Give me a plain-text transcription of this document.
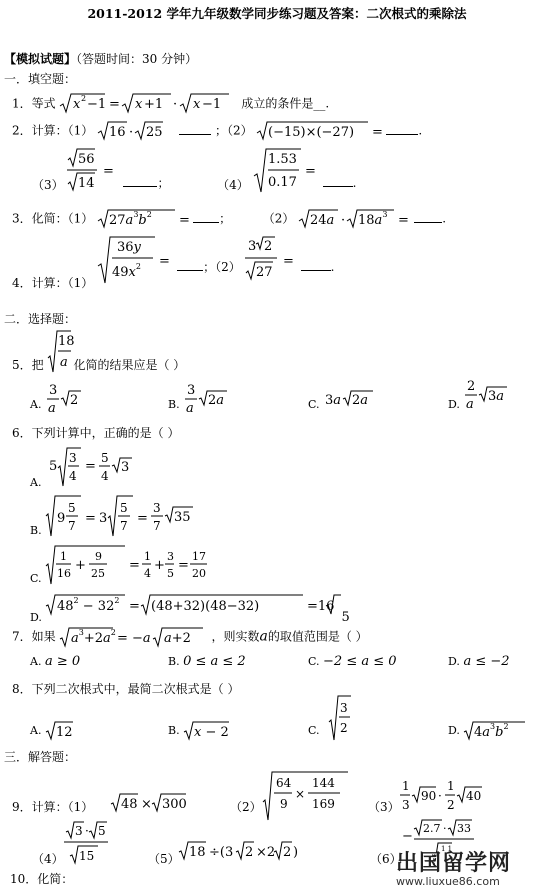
2011-2012 学年九年级数学同步练习题及答案：二次根式的乘除法
【模拟试题】（答题时间：30 分钟）
一．填空题：
1．等式 x 2 −1 = x +1 · x −1 成立的条件是__.
2．计算：（1） 16 · 25	；（2） (−15)×(−27) =	.
（3）
56
14
=
；	（4）
1.53
0.17
=
.
3．化简：（1） $27a^3b^2$ = ；  （2） $24a \cdot 18a^3$ =	.
4．计算：（1）
36y
$49x^2$ =	；（2）
3 2
27
=	.
二．选择题：
5．把
18
a 化简的结果应是（ ）
A.
3
a
2	B.
3
a
2a	C. 3a 2a	D.
2
a
3a
6．下列计算中，正确的是（ ）
A.
5
3
4
=
5
4
3
B.
9
5
7 = 3
5
7 =
3
7
35
C.
1
16
+
9
25
=
1
4
+
3
5
=
17
20
D.
$48^2 - 32^2 = (48+32)(48-32)$	=16
5
7．如果 $a^3+2a^2 = -a$ a+2 ，则实数a的取值范围是（ ）
A. a ≥ 0	B. 0 ≤ a ≤ 2	C. −2 ≤ a ≤ 0	D. a ≤ −2
8．下列二次根式中，最简二次根式是（ ）
A. 12	B. x − 2	C.
3
2	D. $4a^3b^2$
三．解答题：
9．计算：（1） 48 × 300	（2）
64
9
×
144
169	（3）
1
3
90 ·
1
2
40
（4）
3 · 5
15	（5） 18 ÷(3 2 ×2 2 )	（6）
−
2.7 · 33
1 1
10．化简：
出国留学网
www.liuxue86.com
